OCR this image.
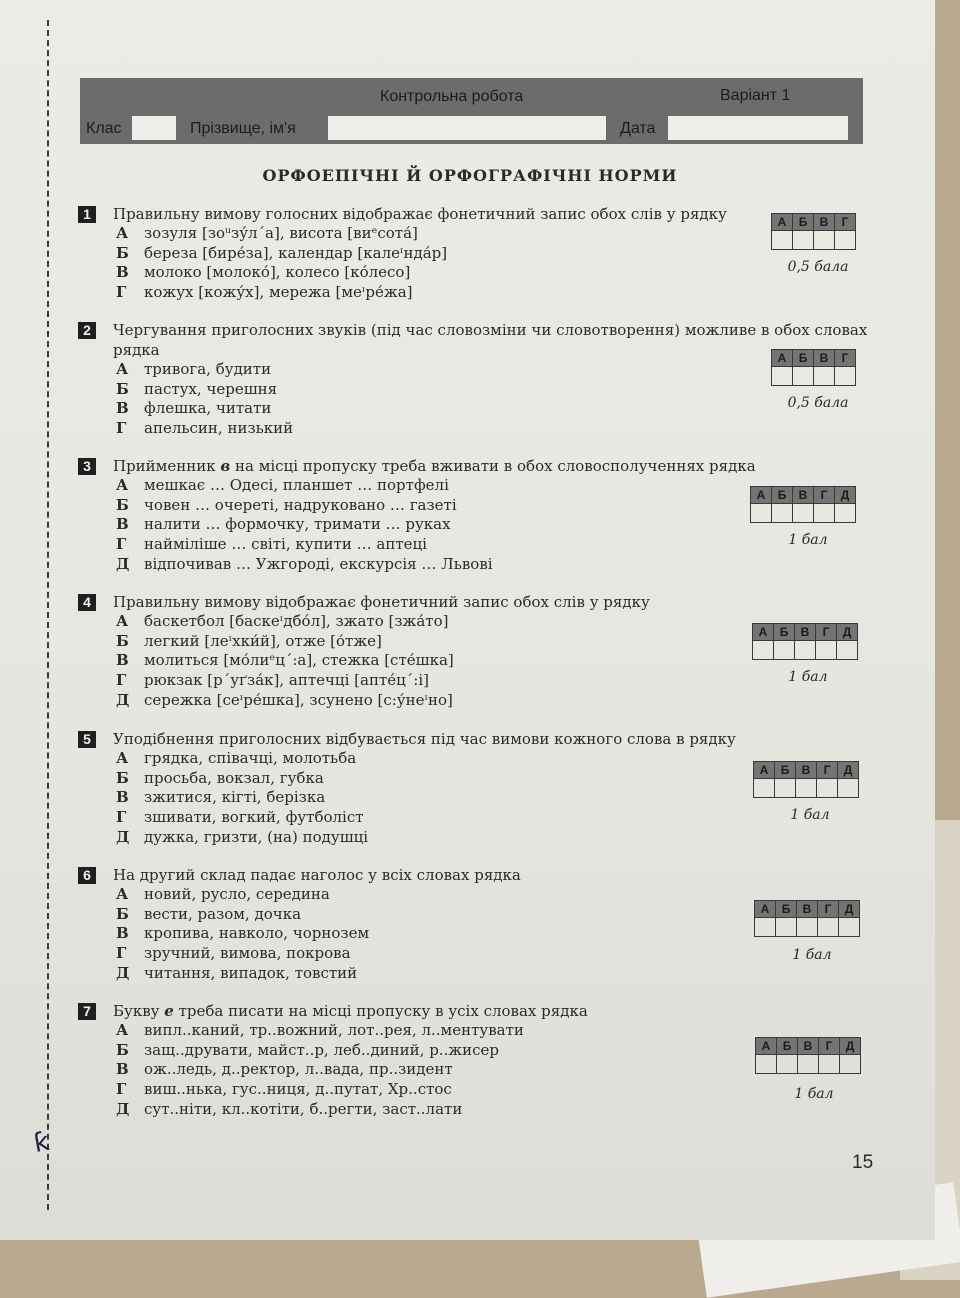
ƙ
Контрольна робота	Варіант 1
Клас	Прізвище, ім'я	Дата
ОРФОЕПІЧНІ Й ОРФОГРАФІЧНІ НОРМИ
1	Правильну вимову голосних відображає фонетичний запис обох слів у рядку
А зозуля [зоᵘзу́л΄а], висота [виᵉсота́]
Б береза [бире́за], календар [калеᶦнда́р]
В молоко [молоко́], колесо [ко́лесо]
Г кожух [кожу́х], мережа [меᶦре́жа]
А	Б	В	Г

0,5 бала
2	Чергування приголосних звуків (під час словозміни чи словотворення) можливе в обох словах рядка
А тривога, будити
Б пастух, черешня
В флешка, читати
Г апельсин, низький
А	Б	В	Г

0,5 бала
3	Прийменник в на місці пропуску треба вживати в обох словосполученнях рядка
А мешкає … Одесі, планшет … портфелі
Б човен … очереті, надруковано … газеті
В налити … формочку, тримати … руках
Г найміліше … світі, купити … аптеці
Д відпочивав … Ужгороді, екскурсія … Львові
А	Б	В	Г	Д

1 бал
4	Правильну вимову відображає фонетичний запис обох слів у рядку
А баскетбол [баскеᶦдбо́л], зжато [зжа́то]
Б легкий [леᶦхки́й], отже [о́тже]
В молиться [мо́лиᵉц΄:а], стежка [сте́шка]
Г рюкзак [р΄уґза́к], аптечці [апте́ц΄:і]
Д сережка [сеᶦре́шка], зсунено [с:у́неᶦно]
А	Б	В	Г	Д

1 бал
5	Уподібнення приголосних відбувається під час вимови кожного слова в рядку
А грядка, співачці, молотьба
Б просьба, вокзал, губка
В зжитися, кігті, берізка
Г зшивати, вогкий, футболіст
Д дужка, гризти, (на) подушці
А	Б	В	Г	Д

1 бал
6	На другий склад падає наголос у всіх словах рядка
А новий, русло, середина
Б вести, разом, дочка
В кропива, навколо, чорнозем
Г зручний, вимова, покрова
Д читання, випадок, товстий
А	Б	В	Г	Д

1 бал
7	Букву е треба писати на місці пропуску в усіх словах рядка
А випл..каний, тр..вожний, лот..рея, л..ментувати
Б защ..друвати, майст..р, леб..диний, р..жисер
В ож..ледь, д..ректор, л..вада, пр..зидент
Г виш..нька, гус..ниця, д..путат, Хр..стос
Д сут..ніти, кл..котіти, б..регти, заст..лати
А	Б	В	Г	Д

1 бал
15
